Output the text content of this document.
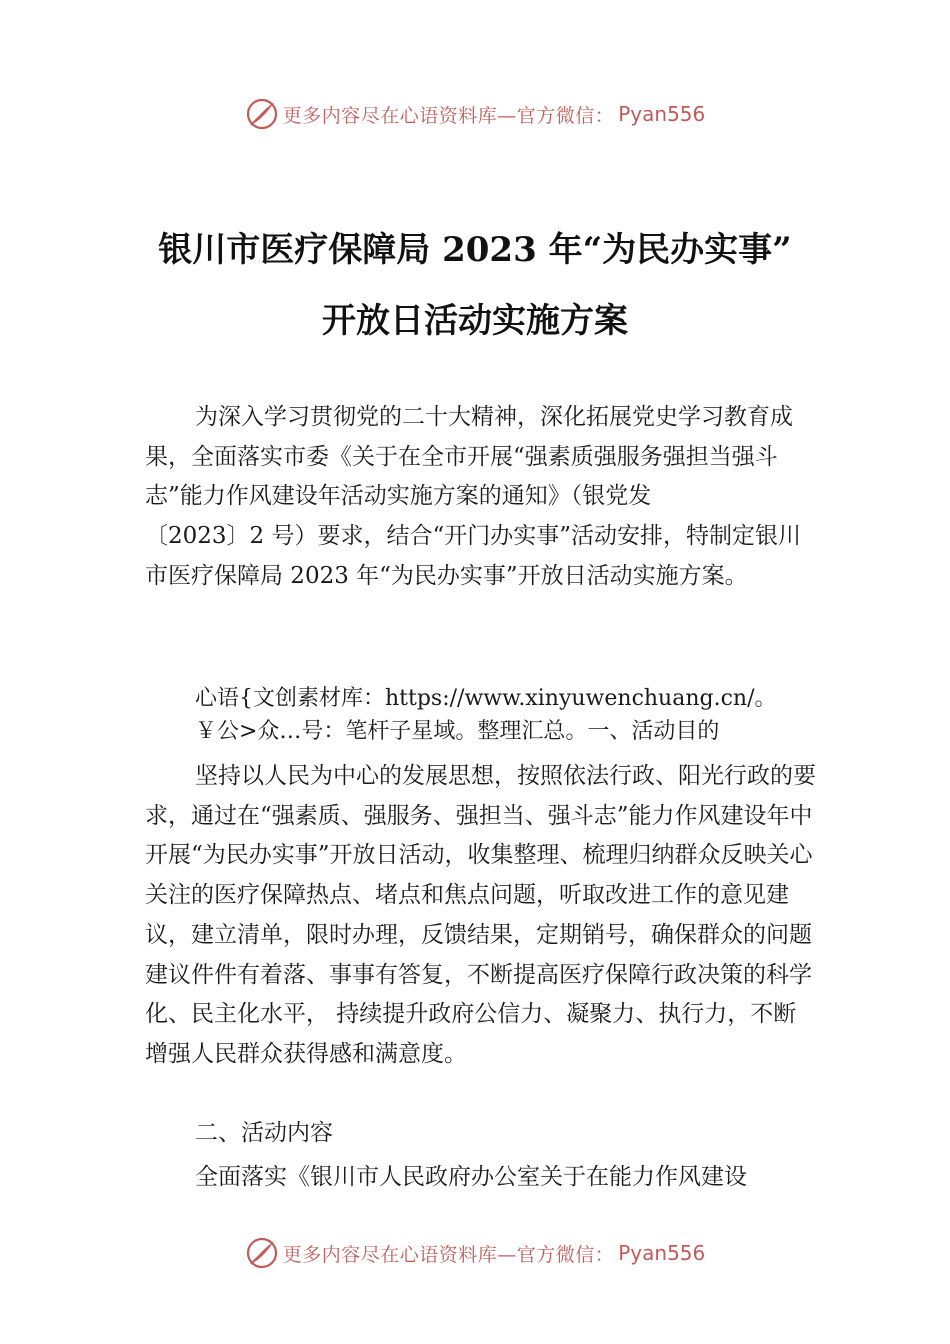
更多内容尽在心语资料库—官方微信： Pyan556
银川市医疗保障局 2023 年“为民办实事”
开放日活动实施方案
为深入学习贯彻党的二十大精神，深化拓展党史学习教育成果，全面落实市委《关于在全市开展“强素质强服务强担当强斗志”能力作风建设年活动实施方案的通知》（银党发
〔2023〕2 号）要求，结合“开门办实事”活动安排，特制定银川市医疗保障局 2023 年“为民办实事”开放日活动实施方案。
心语{文创素材库：https://www.xinyuwenchuang.cn/。
￥公>众…号：笔杆子星域。整理汇总。一、活动目的
坚持以人民为中心的发展思想，按照依法行政、阳光行政的要求，通过在“强素质、强服务、强担当、强斗志”能力作风建设年中开展“为民办实事”开放日活动，收集整理、梳理归纳群众反映关心关注的医疗保障热点、堵点和焦点问题，听取改进工作的意见建议，建立清单，限时办理，反馈结果，定期销号，确保群众的问题建议件件有着落、事事有答复，不断提高医疗保障行政决策的科学化、民主化水平， 持续提升政府公信力、凝聚力、执行力，不断增强人民群众获得感和满意度。
二、活动内容
全面落实《银川市人民政府办公室关于在能力作风建设
更多内容尽在心语资料库—官方微信： Pyan556
